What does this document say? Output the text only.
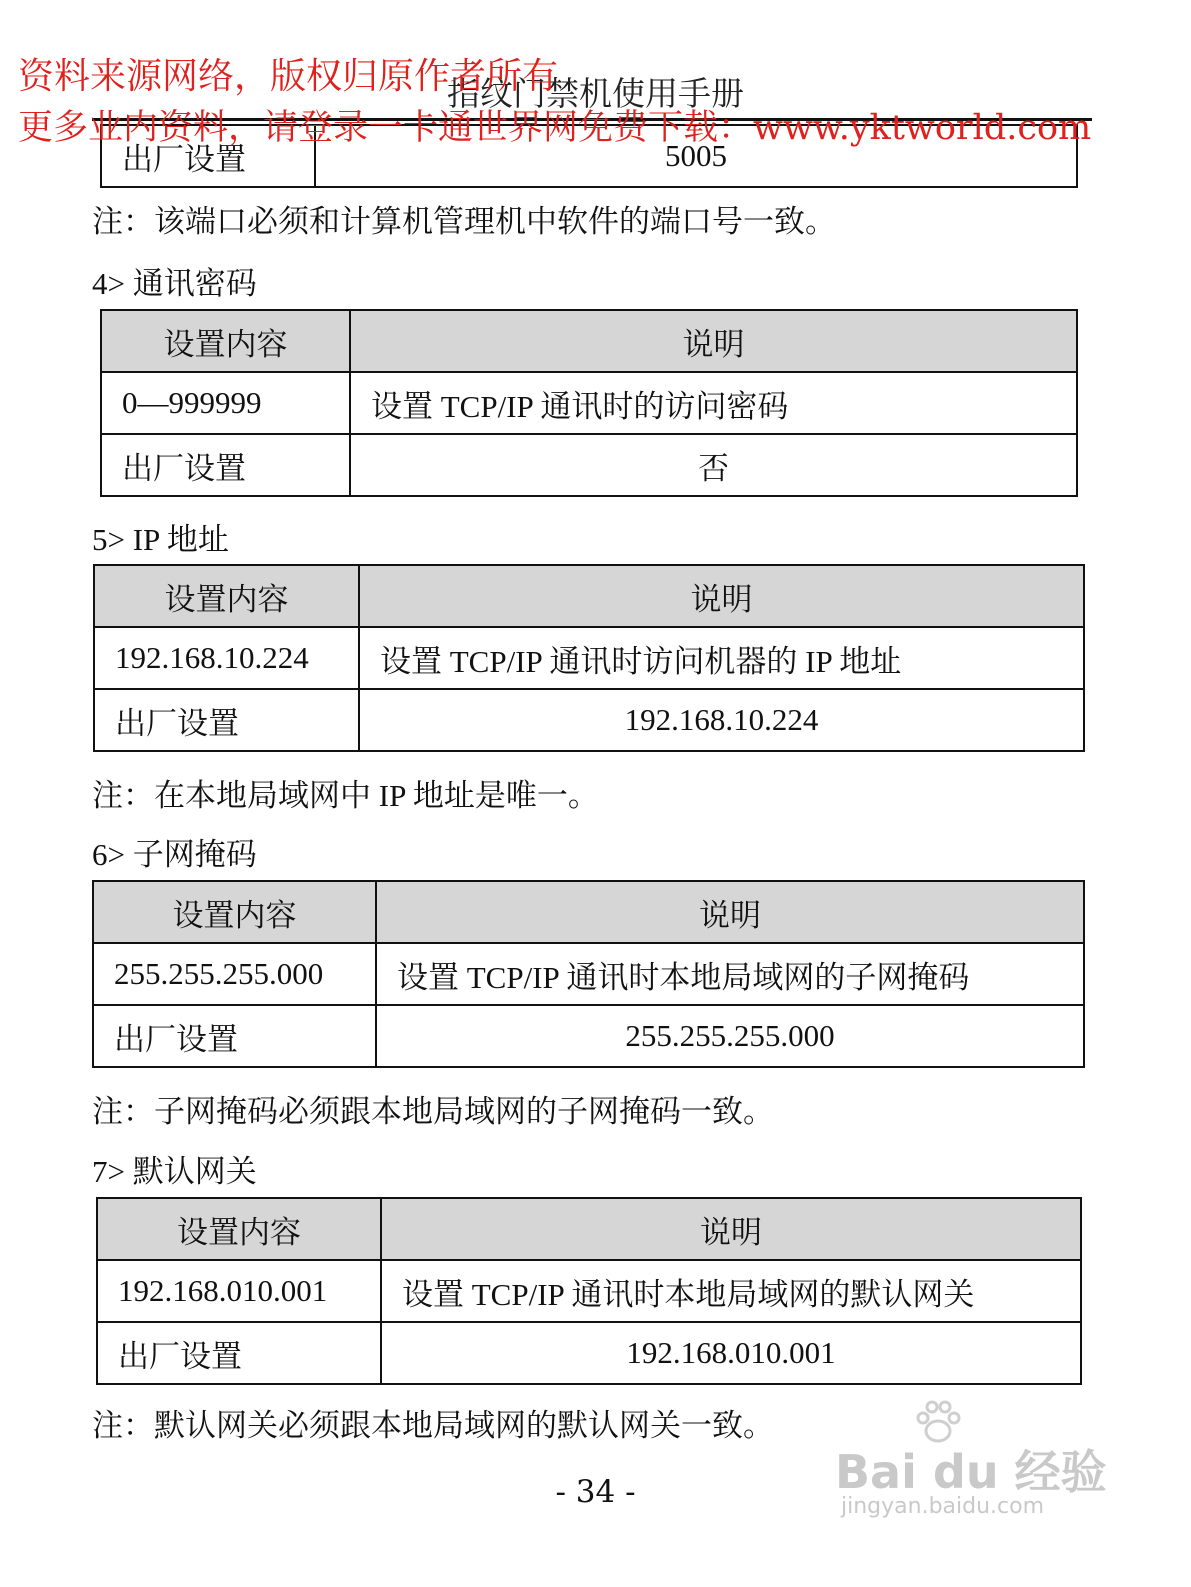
资料来源网络，版权归原作者所有
更多业内资料，请登录一卡通世界网免费下载：www.yktworld.com
指纹门禁机使用手册
出厂设置	5005
注：该端口必须和计算机管理机中软件的端口号一致。
4> 通讯密码
设置内容	说明
0—999999	设置 TCP/IP 通讯时的访问密码
出厂设置	否
5> IP 地址
设置内容	说明
192.168.10.224	设置 TCP/IP 通讯时访问机器的 IP 地址
出厂设置	192.168.10.224
注：在本地局域网中 IP 地址是唯一。
6> 子网掩码
设置内容	说明
255.255.255.000	设置 TCP/IP 通讯时本地局域网的子网掩码
出厂设置	255.255.255.000
注：子网掩码必须跟本地局域网的子网掩码一致。
7> 默认网关
设置内容	说明
192.168.010.001	设置 TCP/IP 通讯时本地局域网的默认网关
出厂设置	192.168.010.001
注：默认网关必须跟本地局域网的默认网关一致。
- 34 -	Bai du 经验
jingyan.baidu.com
